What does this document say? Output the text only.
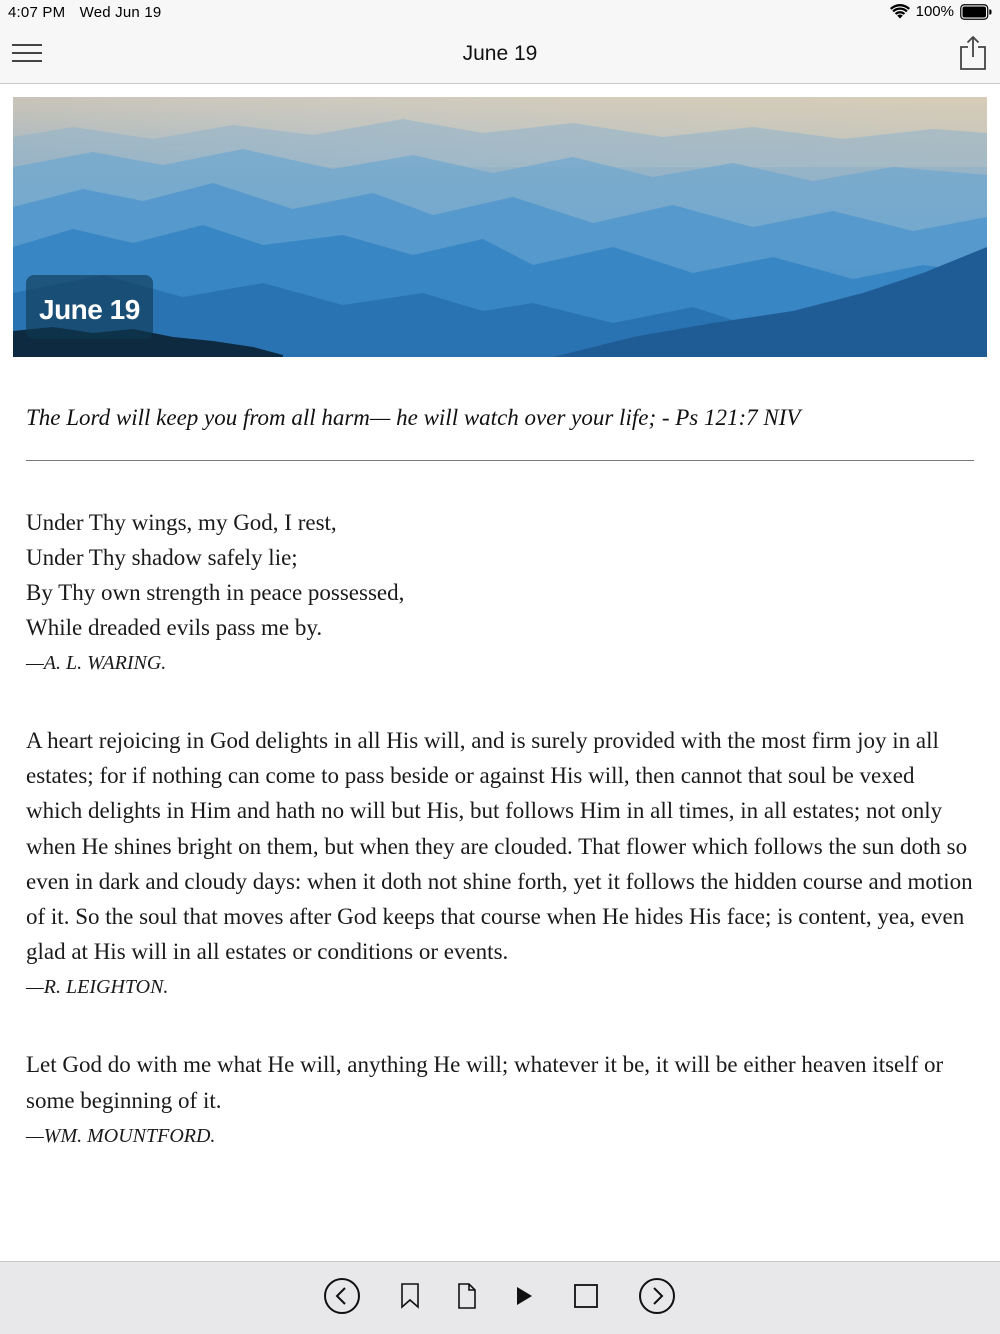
4:07 PM Wed Jun 19	100%
June 19
June 19

The Lord will keep you from all harm— he will watch over your life; - Ps 121:7 NIV

Under Thy wings, my God, I rest,
Under Thy shadow safely lie;
By Thy own strength in peace possessed,
While dreaded evils pass me by.
—A. L. WARING.

A heart rejoicing in God delights in all His will, and is surely provided with the most firm joy in all estates; for if nothing can come to pass beside or against His will, then cannot that soul be vexed which delights in Him and hath no will but His, but follows Him in all times, in all estates; not only when He shines bright on them, but when they are clouded. That flower which follows the sun doth so even in dark and cloudy days: when it doth not shine forth, yet it follows the hidden course and motion of it. So the soul that moves after God keeps that course when He hides His face; is content, yea, even glad at His will in all estates or conditions or events.

—R. LEIGHTON.

Let God do with me what He will, anything He will; whatever it be, it will be either heaven itself or some beginning of it.

—WM. MOUNTFORD.
